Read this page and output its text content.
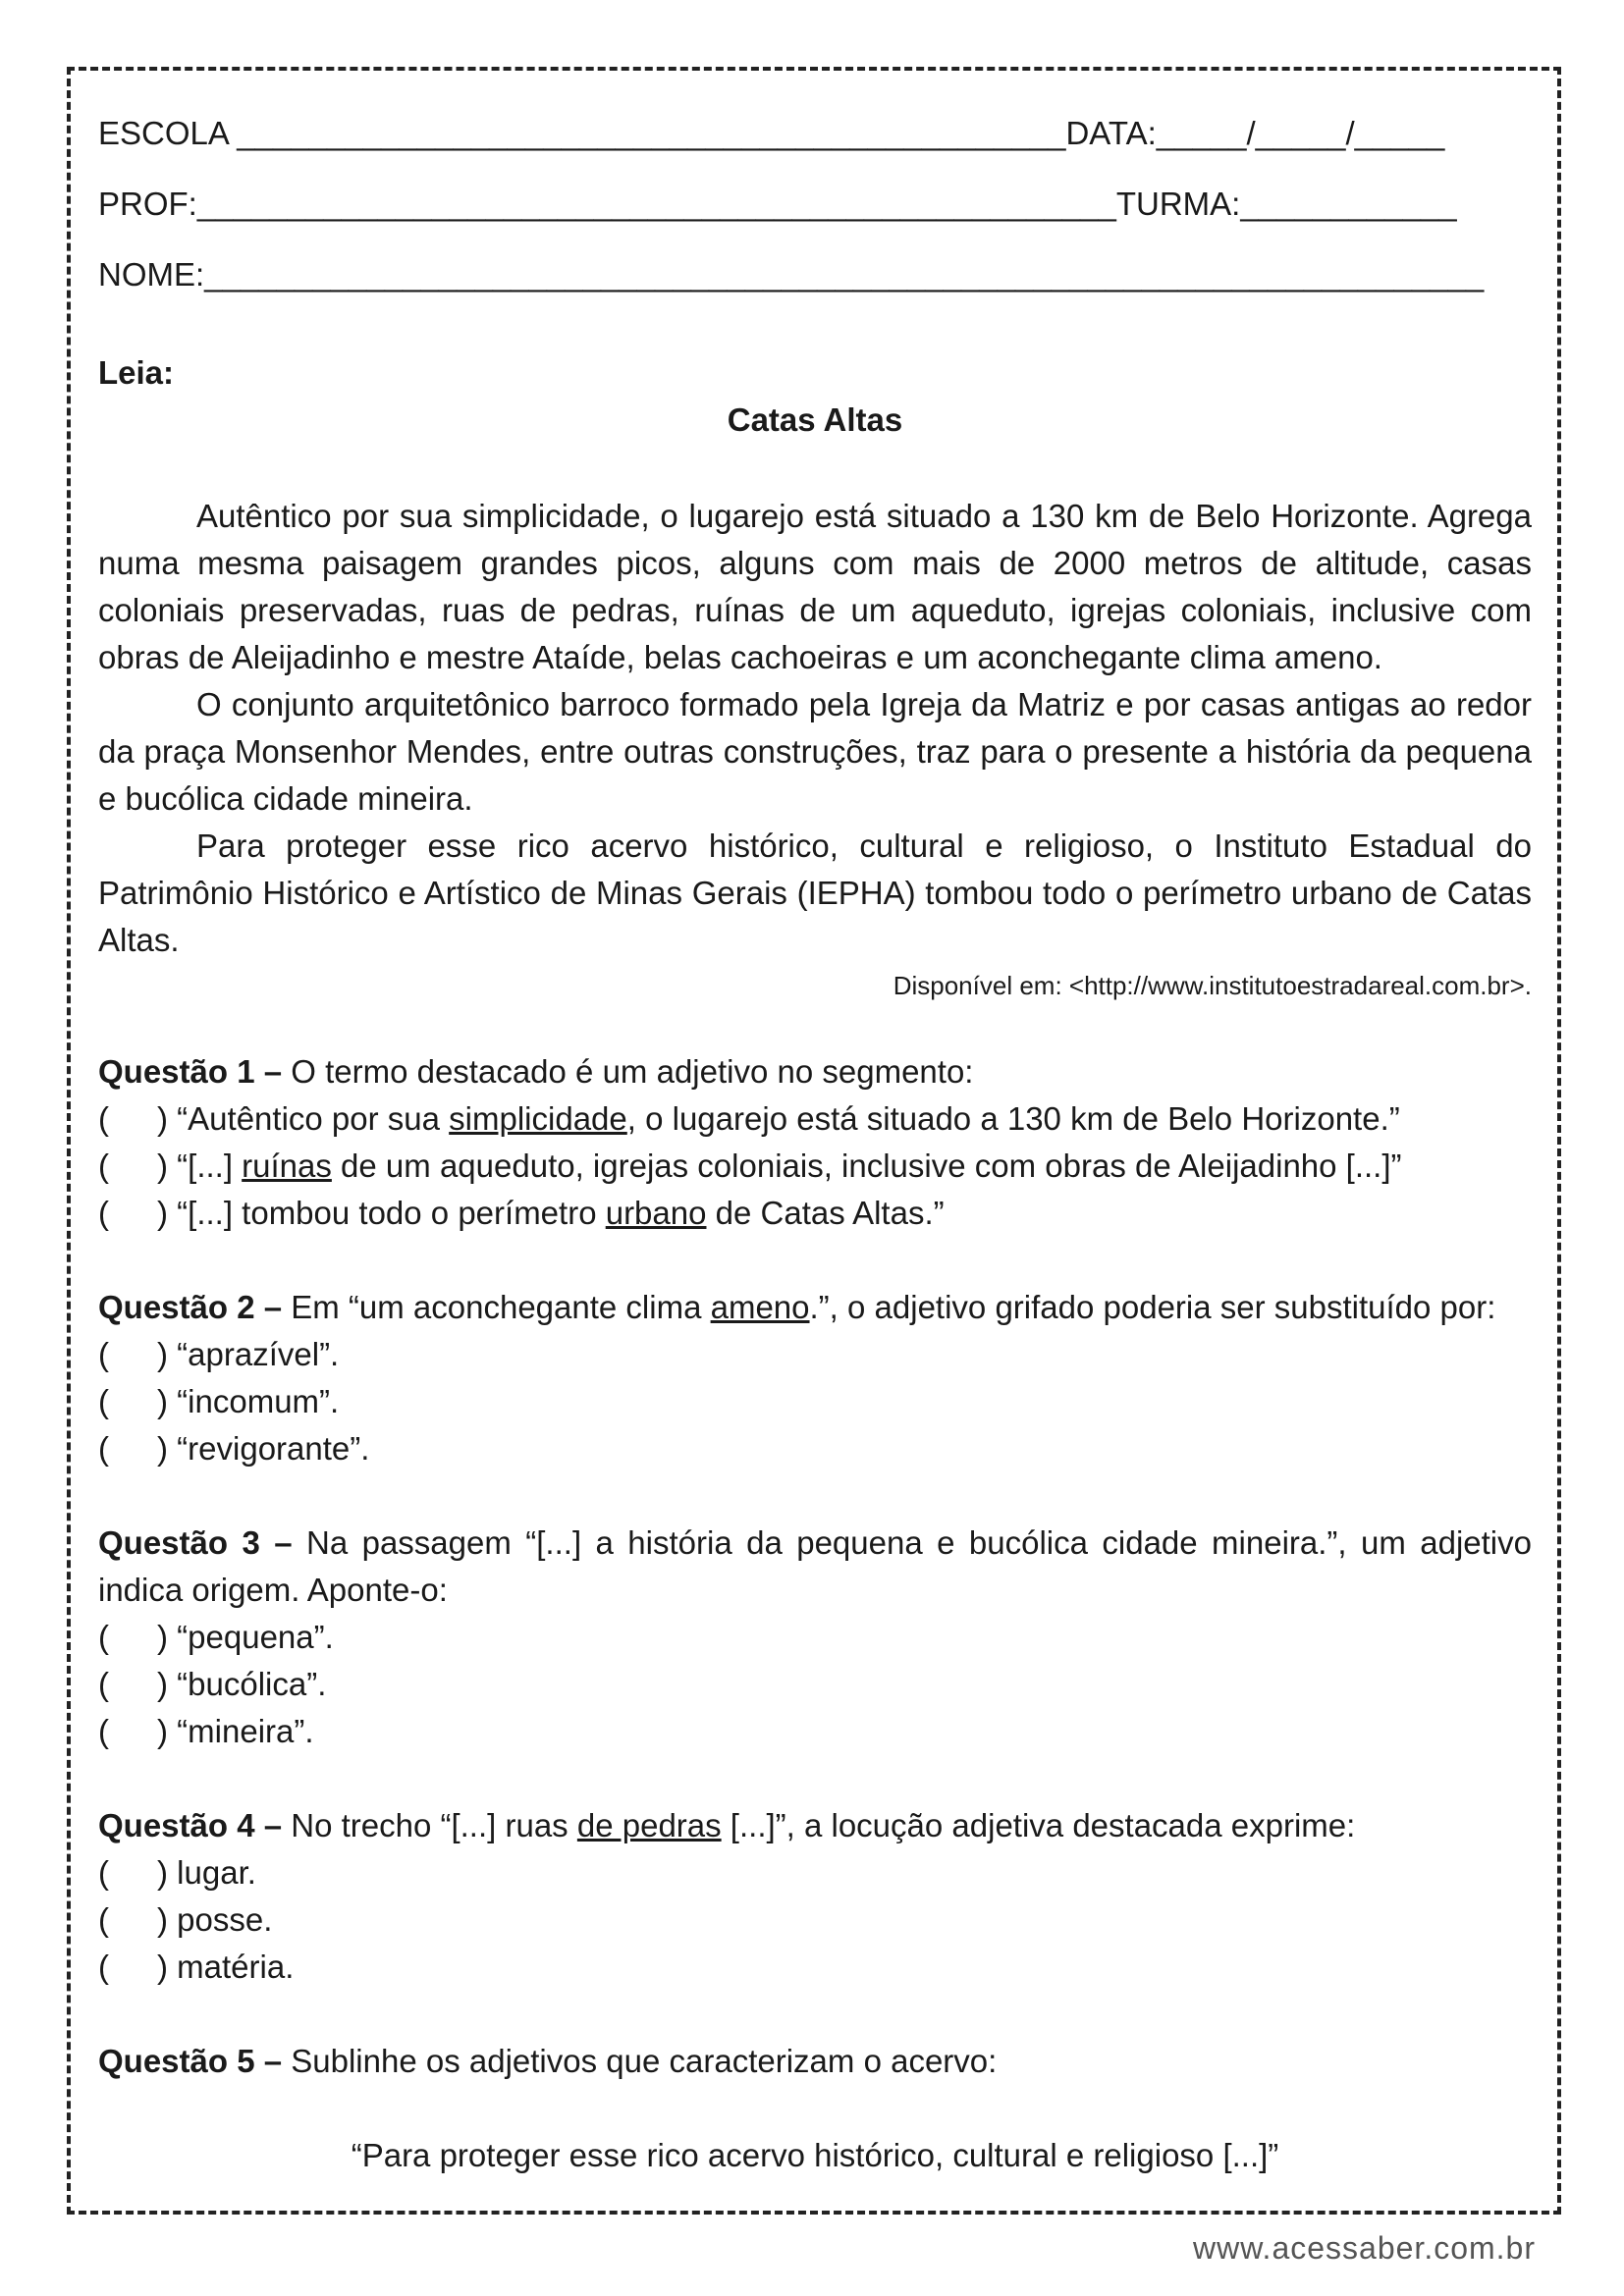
ESCOLA ______________________________________________DATA:_____/_____/_____
PROF:___________________________________________________TURMA:____________
NOME:_______________________________________________________________________
Leia:
Catas Altas

Autêntico por sua simplicidade, o lugarejo está situado a 130 km de Belo Horizonte. Agrega numa mesma paisagem grandes picos, alguns com mais de 2000 metros de altitude, casas coloniais preservadas, ruas de pedras, ruínas de um aqueduto, igrejas coloniais, inclusive com obras de Aleijadinho e mestre Ataíde, belas cachoeiras e um aconchegante clima ameno.

O conjunto arquitetônico barroco formado pela Igreja da Matriz e por casas antigas ao redor da praça Monsenhor Mendes, entre outras construções, traz para o presente a história da pequena e bucólica cidade mineira.

Para proteger esse rico acervo histórico, cultural e religioso, o Instituto Estadual do Patrimônio Histórico e Artístico de Minas Gerais (IEPHA) tombou todo o perímetro urbano de Catas Altas.

Disponível em: <http://www.institutoestradareal.com.br>.

Questão 1 – O termo destacado é um adjetivo no segmento:

( ) “Autêntico por sua simplicidade, o lugarejo está situado a 130 km de Belo Horizonte.”

( ) “[...] ruínas de um aqueduto, igrejas coloniais, inclusive com obras de Aleijadinho [...]”

( ) “[...] tombou todo o perímetro urbano de Catas Altas.”

Questão 2 – Em “um aconchegante clima ameno.”, o adjetivo grifado poderia ser substituído por:

( ) “aprazível”.

( ) “incomum”.

( ) “revigorante”.

Questão 3 – Na passagem “[...] a história da pequena e bucólica cidade mineira.”, um adjetivo indica origem. Aponte-o:

( ) “pequena”.

( ) “bucólica”.

( ) “mineira”.

Questão 4 – No trecho “[...] ruas de pedras [...]”, a locução adjetiva destacada exprime:

( ) lugar.

( ) posse.

( ) matéria.

Questão 5 – Sublinhe os adjetivos que caracterizam o acervo:

“Para proteger esse rico acervo histórico, cultural e religioso [...]”
www.acessaber.com.br
